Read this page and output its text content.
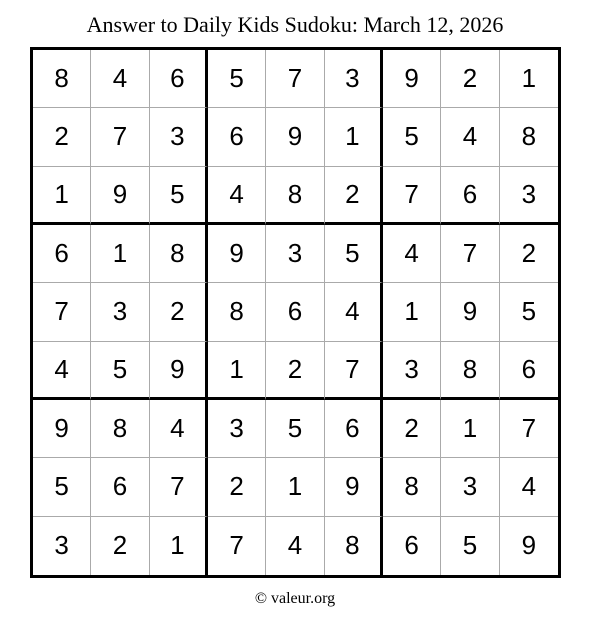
Answer to Daily Kids Sudoku: March 12, 2026
8	4	6	5	7	3	9	2	1
2	7	3	6	9	1	5	4	8
1	9	5	4	8	2	7	6	3
6	1	8	9	3	5	4	7	2
7	3	2	8	6	4	1	9	5
4	5	9	1	2	7	3	8	6
9	8	4	3	5	6	2	1	7
5	6	7	2	1	9	8	3	4
3	2	1	7	4	8	6	5	9
© valeur.org
